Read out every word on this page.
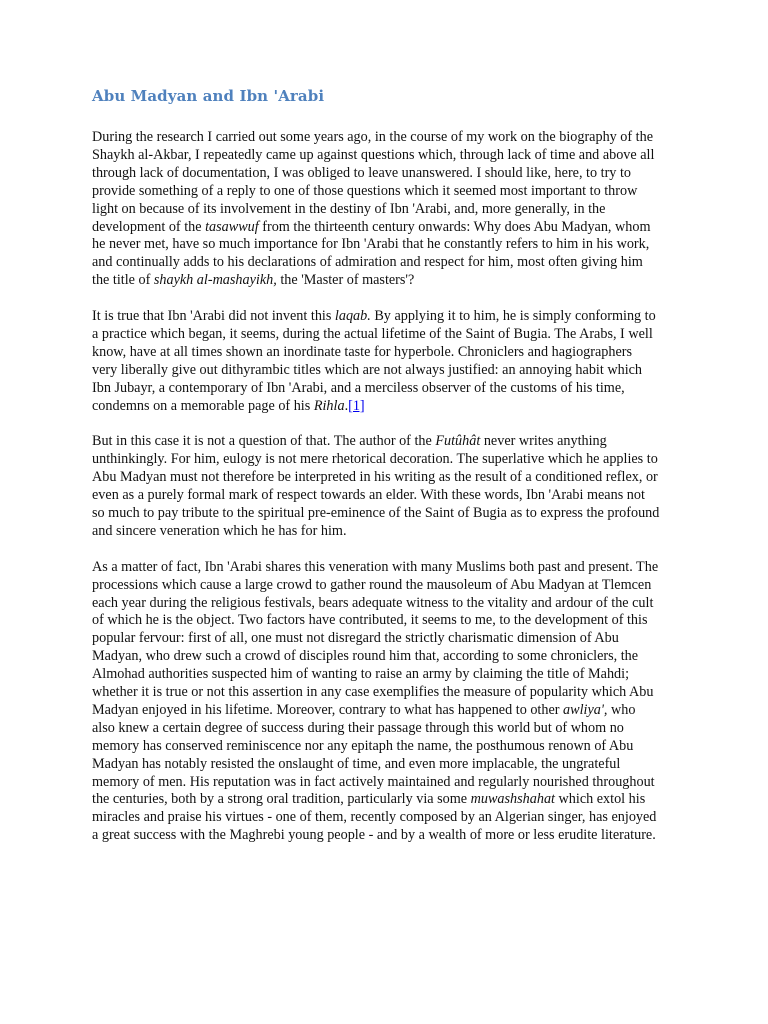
Abu Madyan and Ibn 'Arabi

During the research I carried out some years ago, in the course of my work on the biography of the Shaykh al-Akbar, I repeatedly came up against questions which, through lack of time and above all through lack of documentation, I was obliged to leave unanswered. I should like, here, to try to provide something of a reply to one of those questions which it seemed most important to throw light on because of its involvement in the destiny of Ibn 'Arabi, and, more generally, in the development of the tasawwuf from the thirteenth century onwards: Why does Abu Madyan, whom he never met, have so much importance for Ibn 'Arabi that he constantly refers to him in his work, and continually adds to his declarations of admiration and respect for him, most often giving him the title of shaykh al-mashayikh, the 'Master of masters'?

It is true that Ibn 'Arabi did not invent this laqab. By applying it to him, he is simply conforming to a practice which began, it seems, during the actual lifetime of the Saint of Bugia. The Arabs, I well know, have at all times shown an inordinate taste for hyperbole. Chroniclers and hagiographers very liberally give out dithyrambic titles which are not always justified: an annoying habit which Ibn Jubayr, a contemporary of Ibn 'Arabi, and a merciless observer of the customs of his time, condemns on a memorable page of his Rihla.[1]

But in this case it is not a question of that. The author of the Futûhât never writes anything unthinkingly. For him, eulogy is not mere rhetorical decoration. The superlative which he applies to Abu Madyan must not therefore be interpreted in his writing as the result of a conditioned reflex, or even as a purely formal mark of respect towards an elder. With these words, Ibn 'Arabi means not so much to pay tribute to the spiritual pre-eminence of the Saint of Bugia as to express the profound and sincere veneration which he has for him.

As a matter of fact, Ibn 'Arabi shares this veneration with many Muslims both past and present. The processions which cause a large crowd to gather round the mausoleum of Abu Madyan at Tlemcen each year during the religious festivals, bears adequate witness to the vitality and ardour of the cult of which he is the object. Two factors have contributed, it seems to me, to the development of this popular fervour: first of all, one must not disregard the strictly charismatic dimension of Abu Madyan, who drew such a crowd of disciples round him that, according to some chroniclers, the Almohad authorities suspected him of wanting to raise an army by claiming the title of Mahdi; whether it is true or not this assertion in any case exemplifies the measure of popularity which Abu Madyan enjoyed in his lifetime. Moreover, contrary to what has happened to other awliya', who also knew a certain degree of success during their passage through this world but of whom no memory has conserved reminiscence nor any epitaph the name, the posthumous renown of Abu Madyan has notably resisted the onslaught of time, and even more implacable, the ungrateful memory of men. His reputation was in fact actively maintained and regularly nourished throughout the centuries, both by a strong oral tradition, particularly via some muwashshahat which extol his miracles and praise his virtues - one of them, recently composed by an Algerian singer, has enjoyed a great success with the Maghrebi young people - and by a wealth of more or less erudite literature.
